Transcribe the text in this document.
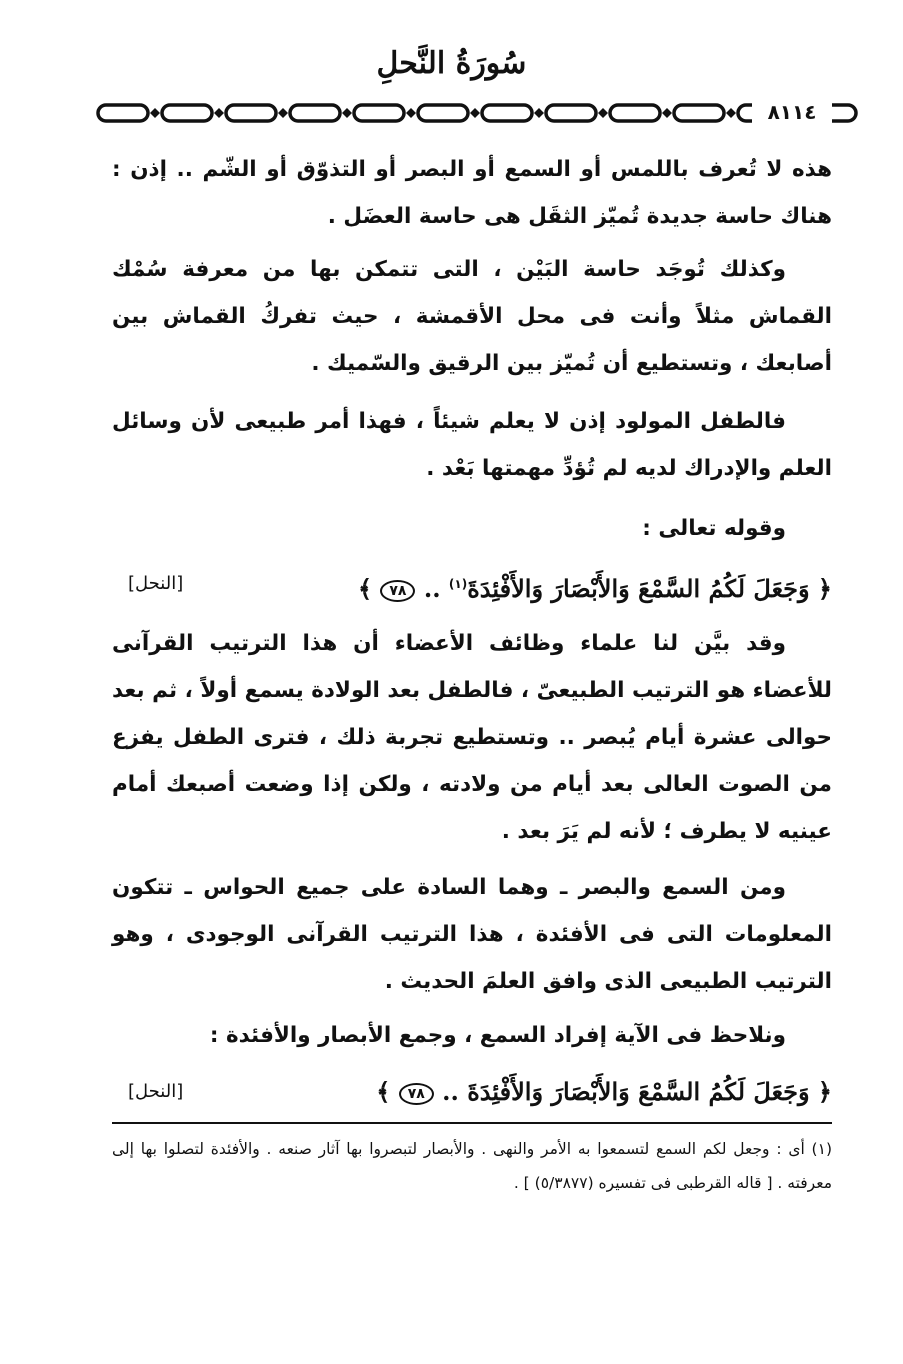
سُورَةُ النَّحلِ
٨١١٤
هذه لا تُعرف باللمس أو السمع أو البصر أو التذوّق أو الشّم .. إذن : هناك حاسة جديدة تُميّز الثقَل هى حاسة العضَل .
وكذلك تُوجَد حاسة البَيْن ، التى تتمكن بها من معرفة سُمْك القماش مثلاً وأنت فى محل الأقمشة ، حيث تفركُ القماش بين أصابعك ، وتستطيع أن تُميّز بين الرقيق والسّميك .
فالطفل المولود إذن لا يعلم شيئاً ، فهذا أمر طبيعى لأن وسائل العلم والإدراك لديه لم تُؤدِّ مهمتها بَعْد .
وقوله تعالى :
﴿ وَجَعَلَ لَكُمُ السَّمْعَ وَالأَبْصَارَ وَالأَفْئِدَةَ$^{(١)}$ .. ٧٨ ﴾
[النحل]
وقد بيَّن لنا علماء وظائف الأعضاء أن هذا الترتيب القرآنى للأعضاء هو الترتيب الطبيعىّ ، فالطفل بعد الولادة يسمع أولاً ، ثم بعد حوالى عشرة أيام يُبصر .. وتستطيع تجربة ذلك ، فترى الطفل يفزع من الصوت العالى بعد أيام من ولادته ، ولكن إذا وضعت أصبعك أمام عينيه لا يطرف ؛ لأنه لم يَرَ بعد .
ومن السمع والبصر ـ وهما السادة على جميع الحواس ـ تتكون المعلومات التى فى الأفئدة ، هذا الترتيب القرآنى الوجودى ، وهو الترتيب الطبيعى الذى وافق العلمَ الحديث .
ونلاحظ فى الآية إفراد السمع ، وجمع الأبصار والأفئدة :
﴿ وَجَعَلَ لَكُمُ السَّمْعَ وَالأَبْصَارَ وَالأَفْئِدَةَ .. ٧٨ ﴾
[النحل]
(١) أى : وجعل لكم السمع لتسمعوا به الأمر والنهى . والأبصار لتبصروا بها آثار صنعه . والأفئدة لتصلوا بها إلى معرفته . [ قاله القرطبى فى تفسيره (٥/٣٨٧٧) ] .
